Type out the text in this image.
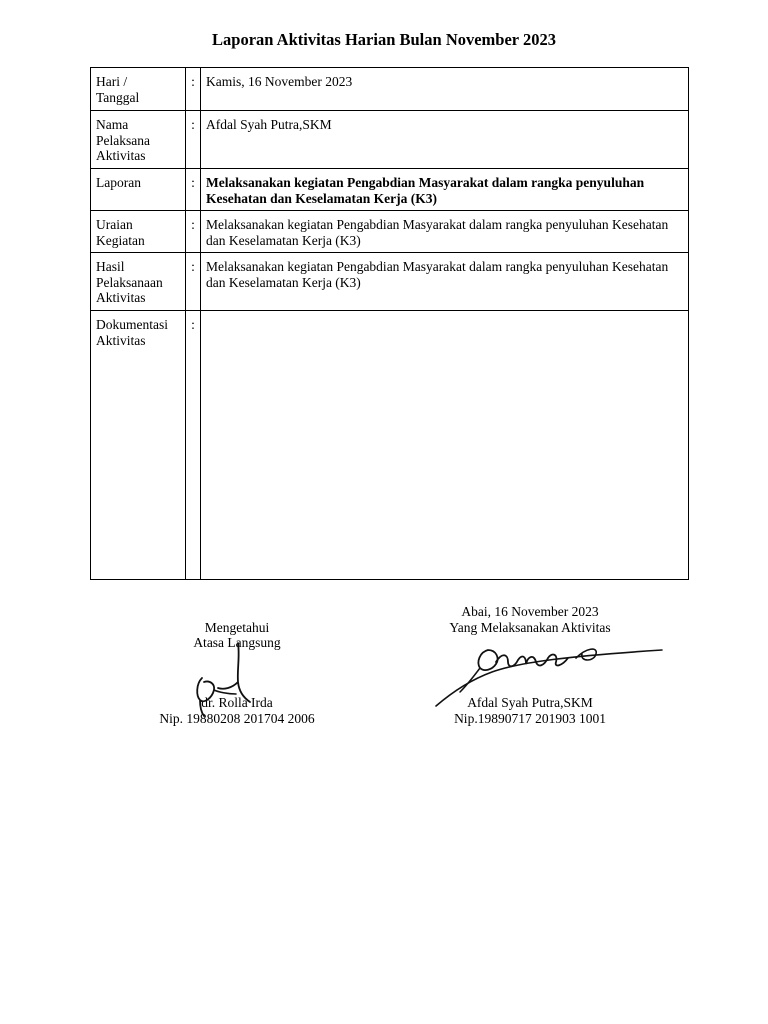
Laporan Aktivitas Harian Bulan November 2023
Hari /
Tanggal	:	Kamis, 16 November 2023

Nama
Pelaksana
Aktivitas	:	Afdal Syah Putra,SKM
Laporan	:	Melaksanakan kegiatan Pengabdian Masyarakat dalam rangka penyuluhan Kesehatan dan Keselamatan Kerja (K3)

Uraian
Kegiatan	:	Melaksanakan kegiatan Pengabdian Masyarakat dalam rangka penyuluhan Kesehatan dan Keselamatan Kerja (K3)

Hasil
Pelaksanaan
Aktivitas	:	Melaksanakan kegiatan Pengabdian Masyarakat dalam rangka penyuluhan Kesehatan dan Keselamatan Kerja (K3)

Dokumentasi
Aktivitas	:	
Mengetahui
Atasa Langsung
dr. Rolla Irda
Nip. 19880208 201704 2006
Abai, 16 November 2023
Yang Melaksanakan Aktivitas
Afdal Syah Putra,SKM
Nip.19890717 201903 1001
